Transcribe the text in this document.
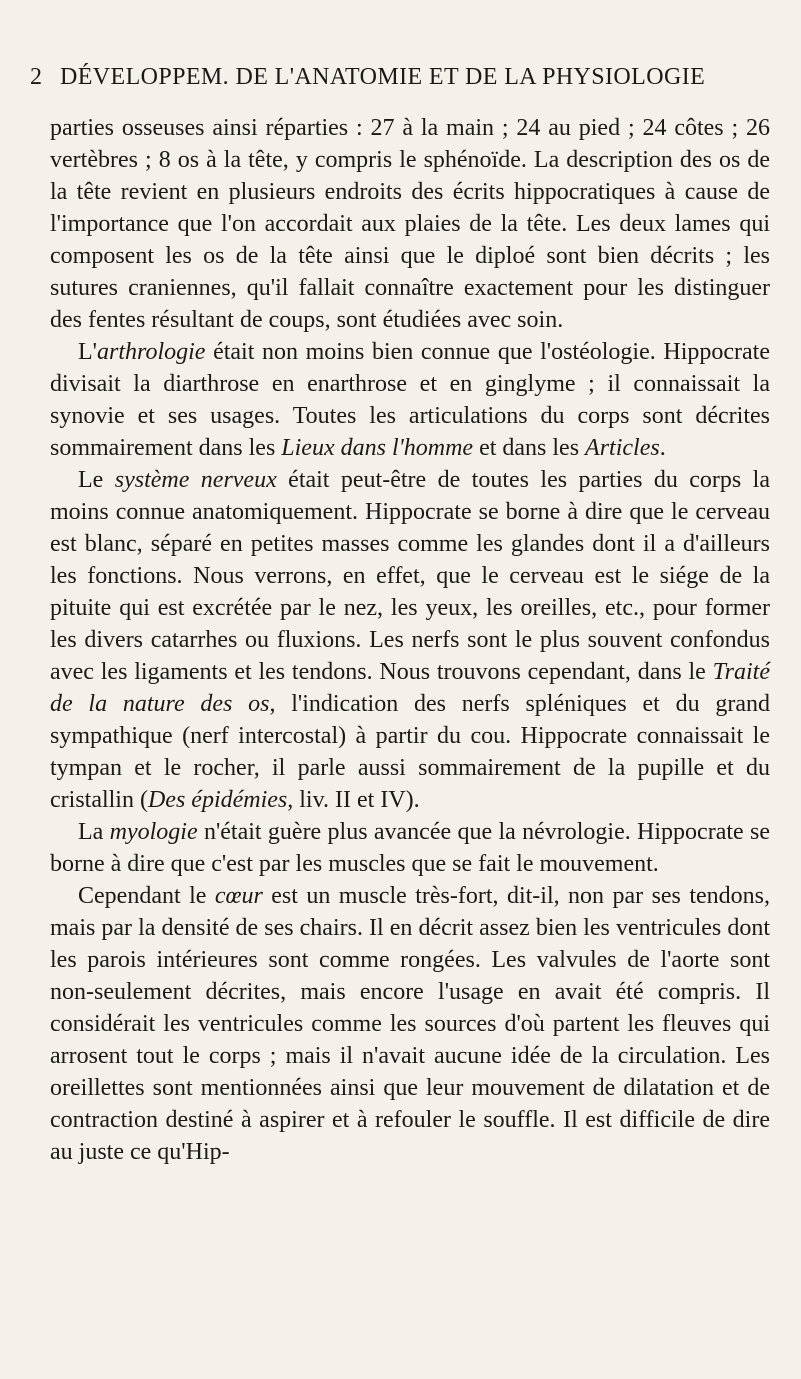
2 DÉVELOPPEM. DE L'ANATOMIE ET DE LA PHYSIOLOGIE

parties osseuses ainsi réparties : 27 à la main ; 24 au pied ; 24 côtes ; 26 vertèbres ; 8 os à la tête, y compris le sphénoïde. La description des os de la tête revient en plusieurs endroits des écrits hippocratiques à cause de l'importance que l'on accordait aux plaies de la tête. Les deux lames qui composent les os de la tête ainsi que le diploé sont bien décrits ; les sutures craniennes, qu'il fallait connaître exactement pour les distinguer des fentes résultant de coups, sont étudiées avec soin.

L'arthrologie était non moins bien connue que l'ostéologie. Hippocrate divisait la diarthrose en enarthrose et en ginglyme ; il connaissait la synovie et ses usages. Toutes les articulations du corps sont décrites sommairement dans les Lieux dans l'homme et dans les Articles.

Le système nerveux était peut-être de toutes les parties du corps la moins connue anatomiquement. Hippocrate se borne à dire que le cerveau est blanc, séparé en petites masses comme les glandes dont il a d'ailleurs les fonctions. Nous verrons, en effet, que le cerveau est le siége de la pituite qui est excrétée par le nez, les yeux, les oreilles, etc., pour former les divers catarrhes ou fluxions. Les nerfs sont le plus souvent confondus avec les ligaments et les tendons. Nous trouvons cependant, dans le Traité de la nature des os, l'indication des nerfs spléniques et du grand sympathique (nerf intercostal) à partir du cou. Hippocrate connaissait le tympan et le rocher, il parle aussi sommairement de la pupille et du cristallin (Des épidémies, liv. II et IV).

La myologie n'était guère plus avancée que la névrologie. Hippocrate se borne à dire que c'est par les muscles que se fait le mouvement.

Cependant le cœur est un muscle très-fort, dit-il, non par ses tendons, mais par la densité de ses chairs. Il en décrit assez bien les ventricules dont les parois intérieures sont comme rongées. Les valvules de l'aorte sont non-seulement décrites, mais encore l'usage en avait été compris. Il considérait les ventricules comme les sources d'où partent les fleuves qui arrosent tout le corps ; mais il n'avait aucune idée de la circulation. Les oreillettes sont mentionnées ainsi que leur mouvement de dilatation et de contraction destiné à aspirer et à refouler le souffle. Il est difficile de dire au juste ce qu'Hip-
